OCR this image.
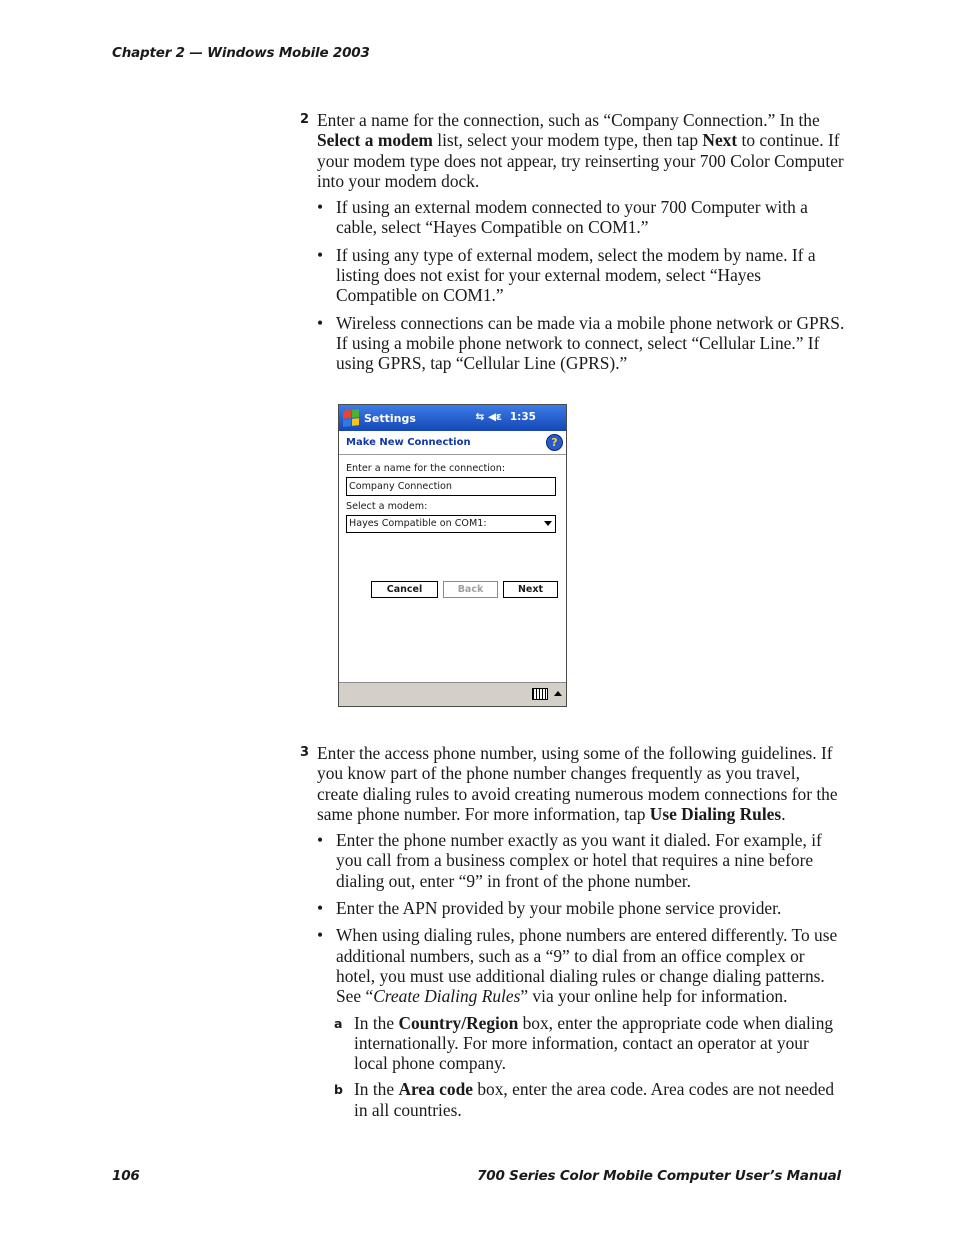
Chapter 2 — Windows Mobile 2003

2 Enter a name for the connection, such as “Company Connection.” In the Select a modem list, select your modem type, then tap Next to continue. If your modem type does not appear, try reinserting your 700 Color Computer into your modem dock.

• If using an external modem connected to your 700 Computer with a cable, select “Hayes Compatible on COM1.”
• If using any type of external modem, select the modem by name. If a listing does not exist for your external modem, select “Hayes Compatible on COM1.”
• Wireless connections can be made via a mobile phone network or GPRS. If using a mobile phone network to connect, select “Cellular Line.” If using GPRS, tap “Cellular Line (GPRS).”
Settings	⇆ ◀ε 1:35
Make New Connection	?
Enter a name for the connection:
Company Connection
Select a modem:
Hayes Compatible on COM1:
Cancel	Back	Next

3 Enter the access phone number, using some of the following guidelines. If you know part of the phone number changes frequently as you travel, create dialing rules to avoid creating numerous modem connections for the same phone number. For more information, tap Use Dialing Rules.

• Enter the phone number exactly as you want it dialed. For example, if you call from a business complex or hotel that requires a nine before dialing out, enter “9” in front of the phone number.
• Enter the APN provided by your mobile phone service provider.
• When using dialing rules, phone numbers are entered differently. To use additional numbers, such as a “9” to dial from an office complex or hotel, you must use additional dialing rules or change dialing patterns. See “Create Dialing Rules” via your online help for information.

a In the Country/Region box, enter the appropriate code when dialing internationally. For more information, contact an operator at your local phone company.

b In the Area code box, enter the area code. Area codes are not needed in all countries.

106	700 Series Color Mobile Computer User’s Manual
